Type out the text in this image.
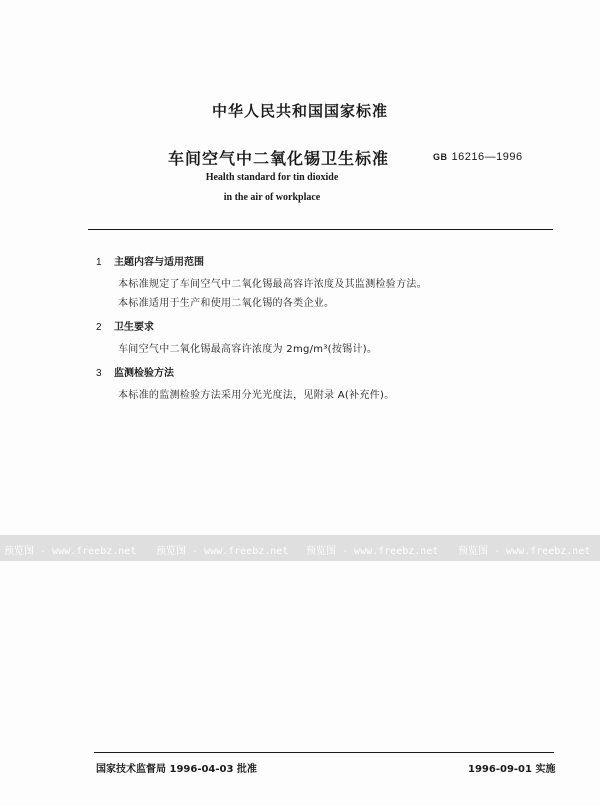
中华人民共和国国家标准
车间空气中二氧化锡卫生标准	GB 16216—1996
Health standard for tin dioxide
in the air of workplace
1 主题内容与适用范围
本标准规定了车间空气中二氧化锡最高容许浓度及其监测检验方法。
本标准适用于生产和使用二氧化锡的各类企业。
2 卫生要求
车间空气中二氧化锡最高容许浓度为 2mg/m³(按锡计)。
3 监测检验方法
本标准的监测检验方法采用分光光度法，见附录 A(补充件)。
预览图 - www.freebz.net 预览图 - www.freebz.net 预览图 - www.freebz.net 预览图 - www.freebz.net
国家技术监督局 1996-04-03 批准	1996-09-01 实施
